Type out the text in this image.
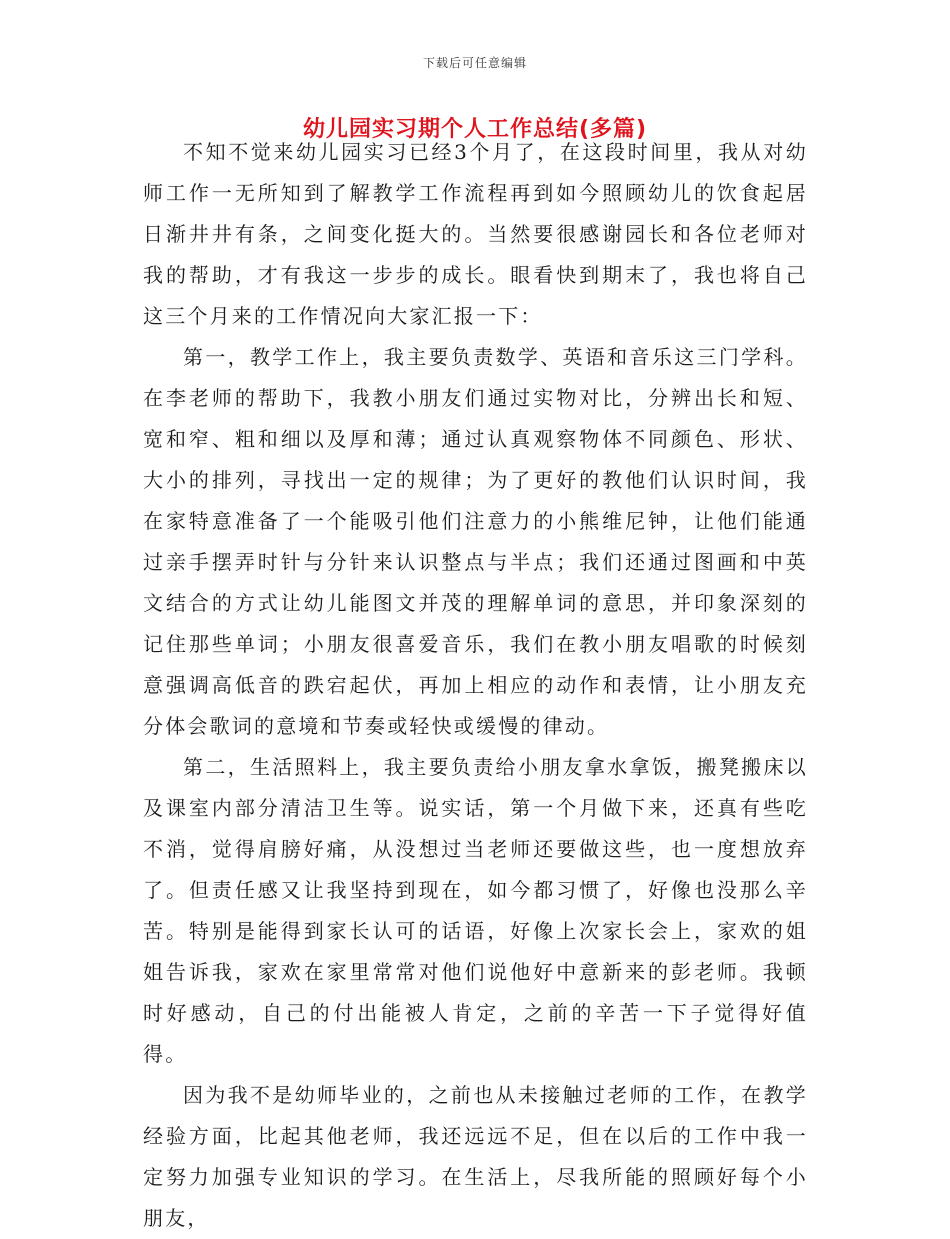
下载后可任意编辑
幼儿园实习期个人工作总结(多篇)

不知不觉来幼儿园实习已经3个月了，在这段时间里，我从对幼师工作一无所知到了解教学工作流程再到如今照顾幼儿的饮食起居日渐井井有条，之间变化挺大的。当然要很感谢园长和各位老师对我的帮助，才有我这一步步的成长。眼看快到期末了，我也将自己这三个月来的工作情况向大家汇报一下：

第一，教学工作上，我主要负责数学、英语和音乐这三门学科。在李老师的帮助下，我教小朋友们通过实物对比，分辨出长和短、宽和窄、粗和细以及厚和薄；通过认真观察物体不同颜色、形状、大小的排列，寻找出一定的规律；为了更好的教他们认识时间，我在家特意准备了一个能吸引他们注意力的小熊维尼钟，让他们能通过亲手摆弄时针与分针来认识整点与半点；我们还通过图画和中英文结合的方式让幼儿能图文并茂的理解单词的意思，并印象深刻的记住那些单词；小朋友很喜爱音乐，我们在教小朋友唱歌的时候刻意强调高低音的跌宕起伏，再加上相应的动作和表情，让小朋友充分体会歌词的意境和节奏或轻快或缓慢的律动。

第二，生活照料上，我主要负责给小朋友拿水拿饭，搬凳搬床以及课室内部分清洁卫生等。说实话，第一个月做下来，还真有些吃不消，觉得肩膀好痛，从没想过当老师还要做这些，也一度想放弃了。但责任感又让我坚持到现在，如今都习惯了，好像也没那么辛苦。特别是能得到家长认可的话语，好像上次家长会上，家欢的姐姐告诉我，家欢在家里常常对他们说他好中意新来的彭老师。我顿时好感动，自己的付出能被人肯定，之前的辛苦一下子觉得好值得。

因为我不是幼师毕业的，之前也从未接触过老师的工作，在教学经验方面，比起其他老师，我还远远不足，但在以后的工作中我一定努力加强专业知识的学习。在生活上，尽我所能的照顾好每个小朋友，
